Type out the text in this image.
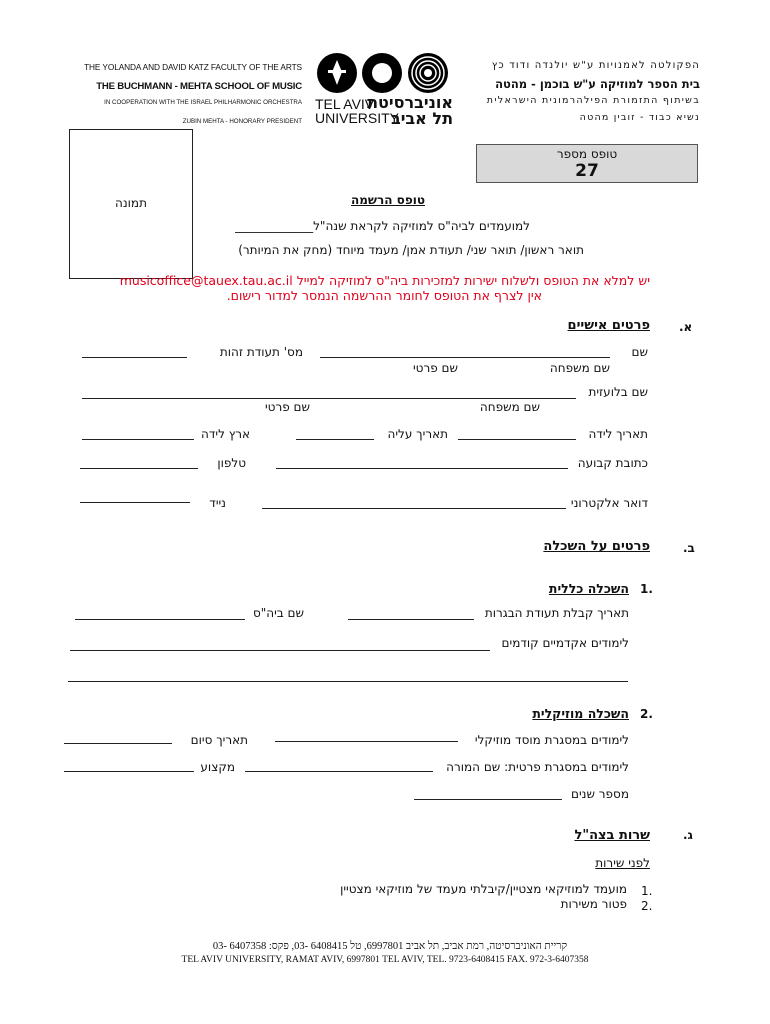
THE YOLANDA AND DAVID KATZ FACULTY OF THE ARTS
THE BUCHMANN - MEHTA SCHOOL OF MUSIC
IN COOPERATION WITH THE ISRAEL PHILHARMONIC ORCHESTRA
ZUBIN MEHTA - HONORARY PRESIDENT
TEL AVIV
UNIVERSITY
אוניברסיטת
תל אביב
הפקולטה לאמנויות ע"ש יולנדה ודוד כץ
בית הספר למוזיקה ע"ש בוכמן - מהטה
בשיתוף התזמורת הפילהרמונית הישראלית
נשיא כבוד - זובין מהטה
תמונה
טופס מספר
27
טופס הרשמה
למועמדים לביה"ס למוזיקה לקראת שנה"ל_____________
תואר ראשון/ תואר שני/ תעודת אמן/ מעמד מיוחד (מחק את המיותר)
יש למלא את הטופס ולשלוח ישירות למזכירות ביה"ס למוזיקה למייל musicoffice@tauex.tau.ac.il
אין לצרף את הטופס לחומר ההרשמה הנמסר למדור רישום.
א.
פרטים אישיים
שם
מס' תעודת זהות
שם משפחה
שם פרטי
שם בלועזית
שם משפחה
שם פרטי
תאריך לידה
תאריך עליה
ארץ לידה
כתובת קבועה
טלפון
דואר אלקטרוני
נייד
ב.
פרטים על השכלה
1.
השכלה כללית
תאריך קבלת תעודת הבגרות
שם ביה"ס
לימודים אקדמיים קודמים
2.
השכלה מוזיקלית
לימודים במסגרת מוסד מוזיקלי
תאריך סיום
לימודים במסגרת פרטית: שם המורה
מקצוע
מספר שנים
ג.
שרות בצה"ל
לפני שירות
1.
מועמד למוזיקאי מצטיין/קיבלתי מעמד של מוזיקאי מצטיין
2.
פטור משירות
קריית האוניברסיטה, רמת אביב, תל אביב 6997801, טל 6408415 -03, פקס: 6407358 -03
TEL AVIV UNIVERSITY, RAMAT AVIV, 6997801 TEL AVIV, TEL. 9723-6408415 FAX. 972-3-6407358
